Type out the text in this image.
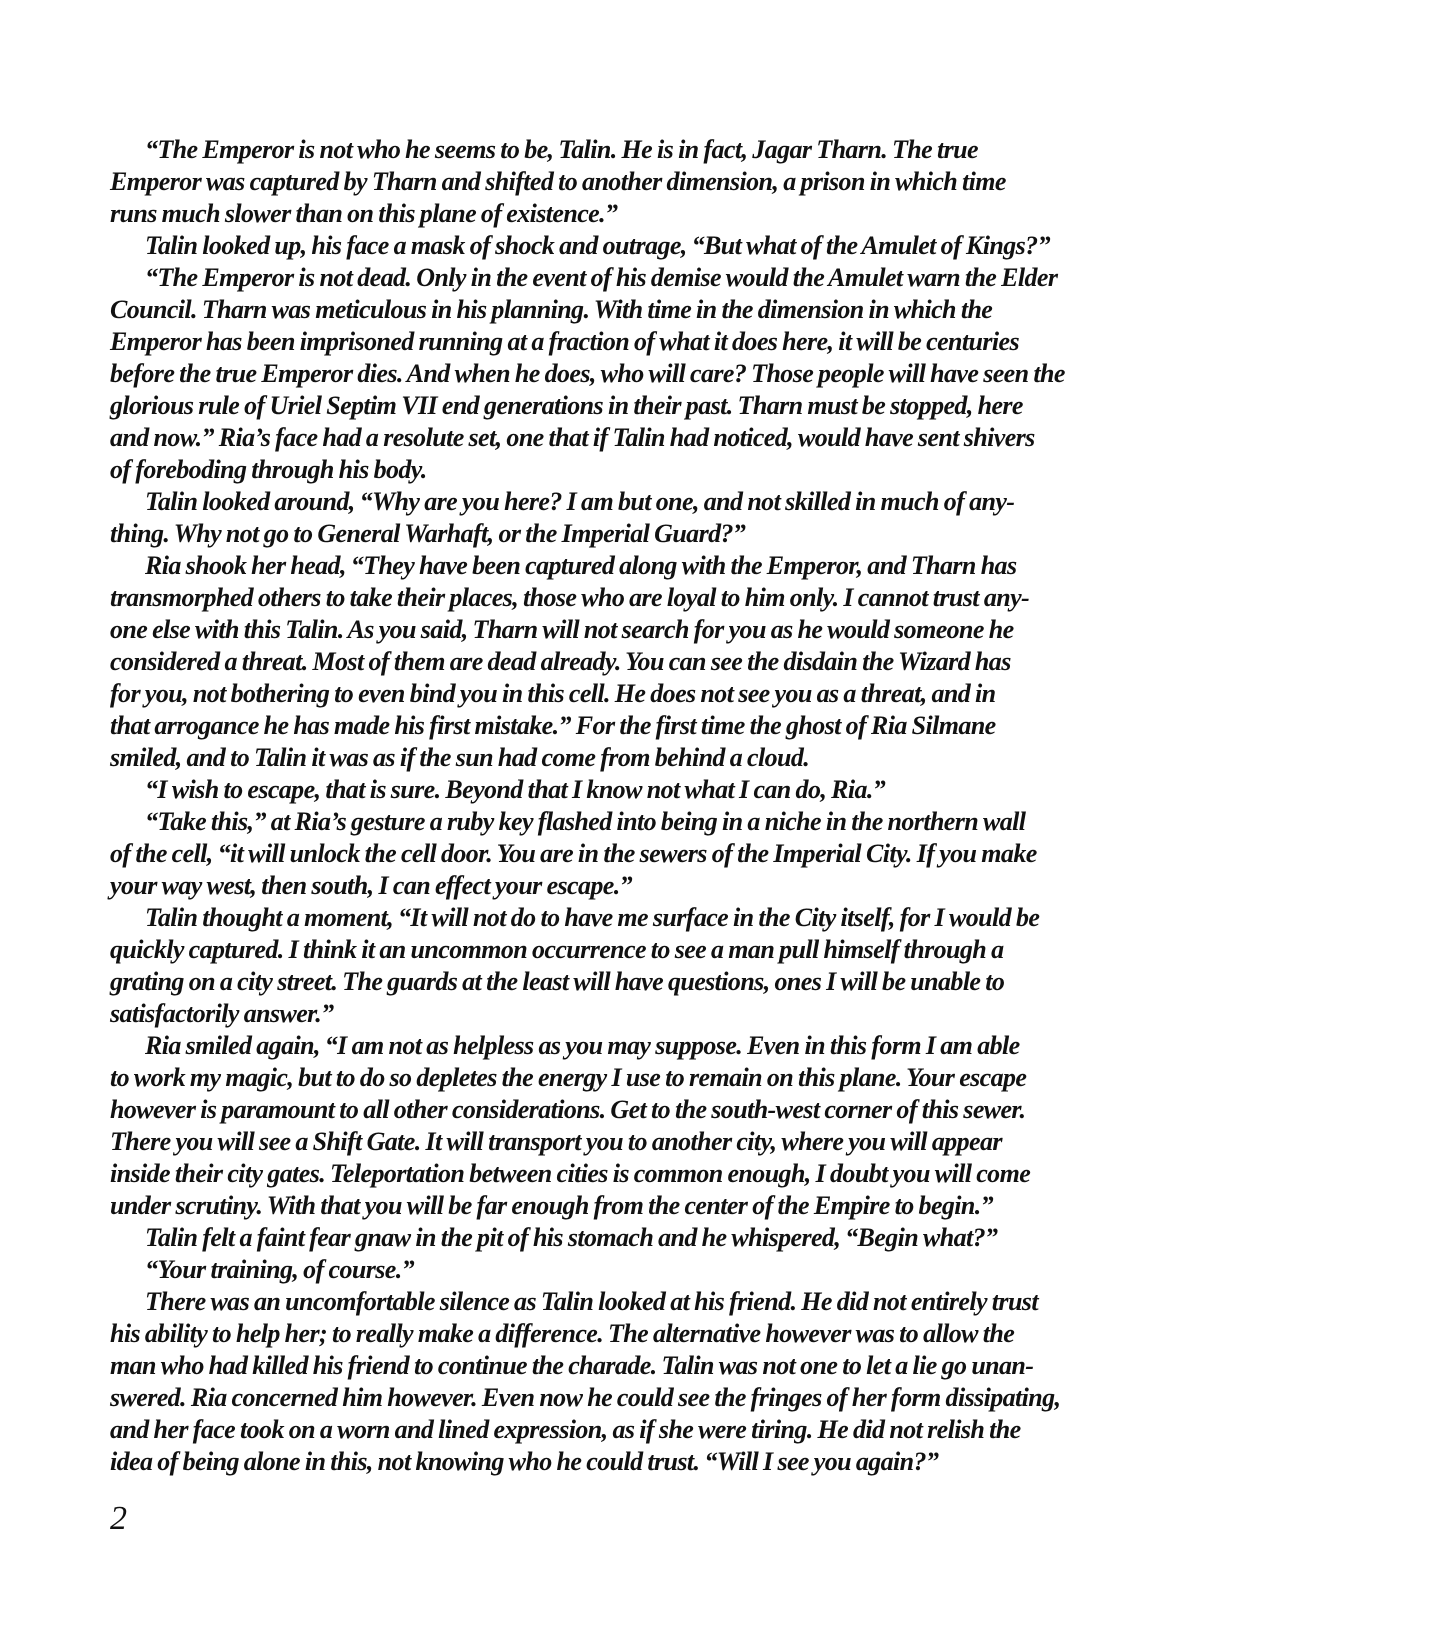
“The Emperor is not who he seems to be, Talin. He is in fact, Jagar Tharn. The true
Emperor was captured by Tharn and shifted to another dimension, a prison in which time
runs much slower than on this plane of existence.”
Talin looked up, his face a mask of shock and outrage, “But what of the Amulet of Kings?”
“The Emperor is not dead. Only in the event of his demise would the Amulet warn the Elder
Council. Tharn was meticulous in his planning. With time in the dimension in which the
Emperor has been imprisoned running at a fraction of what it does here, it will be centuries
before the true Emperor dies. And when he does, who will care? Those people will have seen the
glorious rule of Uriel Septim VII end generations in their past. Tharn must be stopped, here
and now.” Ria’s face had a resolute set, one that if Talin had noticed, would have sent shivers
of foreboding through his body.
Talin looked around, “Why are you here? I am but one, and not skilled in much of any-
thing. Why not go to General Warhaft, or the Imperial Guard?”
Ria shook her head, “They have been captured along with the Emperor, and Tharn has
transmorphed others to take their places, those who are loyal to him only. I cannot trust any-
one else with this Talin. As you said, Tharn will not search for you as he would someone he
considered a threat. Most of them are dead already. You can see the disdain the Wizard has
for you, not bothering to even bind you in this cell. He does not see you as a threat, and in
that arrogance he has made his first mistake.” For the first time the ghost of Ria Silmane
smiled, and to Talin it was as if the sun had come from behind a cloud.
“I wish to escape, that is sure. Beyond that I know not what I can do, Ria.”
“Take this,” at Ria’s gesture a ruby key flashed into being in a niche in the northern wall
of the cell, “it will unlock the cell door. You are in the sewers of the Imperial City. If you make
your way west, then south, I can effect your escape.”
Talin thought a moment, “It will not do to have me surface in the City itself, for I would be
quickly captured. I think it an uncommon occurrence to see a man pull himself through a
grating on a city street. The guards at the least will have questions, ones I will be unable to
satisfactorily answer.”
Ria smiled again, “I am not as helpless as you may suppose. Even in this form I am able
to work my magic, but to do so depletes the energy I use to remain on this plane. Your escape
however is paramount to all other considerations. Get to the south-west corner of this sewer.
There you will see a Shift Gate. It will transport you to another city, where you will appear
inside their city gates. Teleportation between cities is common enough, I doubt you will come
under scrutiny. With that you will be far enough from the center of the Empire to begin.”
Talin felt a faint fear gnaw in the pit of his stomach and he whispered, “Begin what?”
“Your training, of course.”
There was an uncomfortable silence as Talin looked at his friend. He did not entirely trust
his ability to help her; to really make a difference. The alternative however was to allow the
man who had killed his friend to continue the charade. Talin was not one to let a lie go unan-
swered. Ria concerned him however. Even now he could see the fringes of her form dissipating,
and her face took on a worn and lined expression, as if she were tiring. He did not relish the
idea of being alone in this, not knowing who he could trust. “Will I see you again?”
2
